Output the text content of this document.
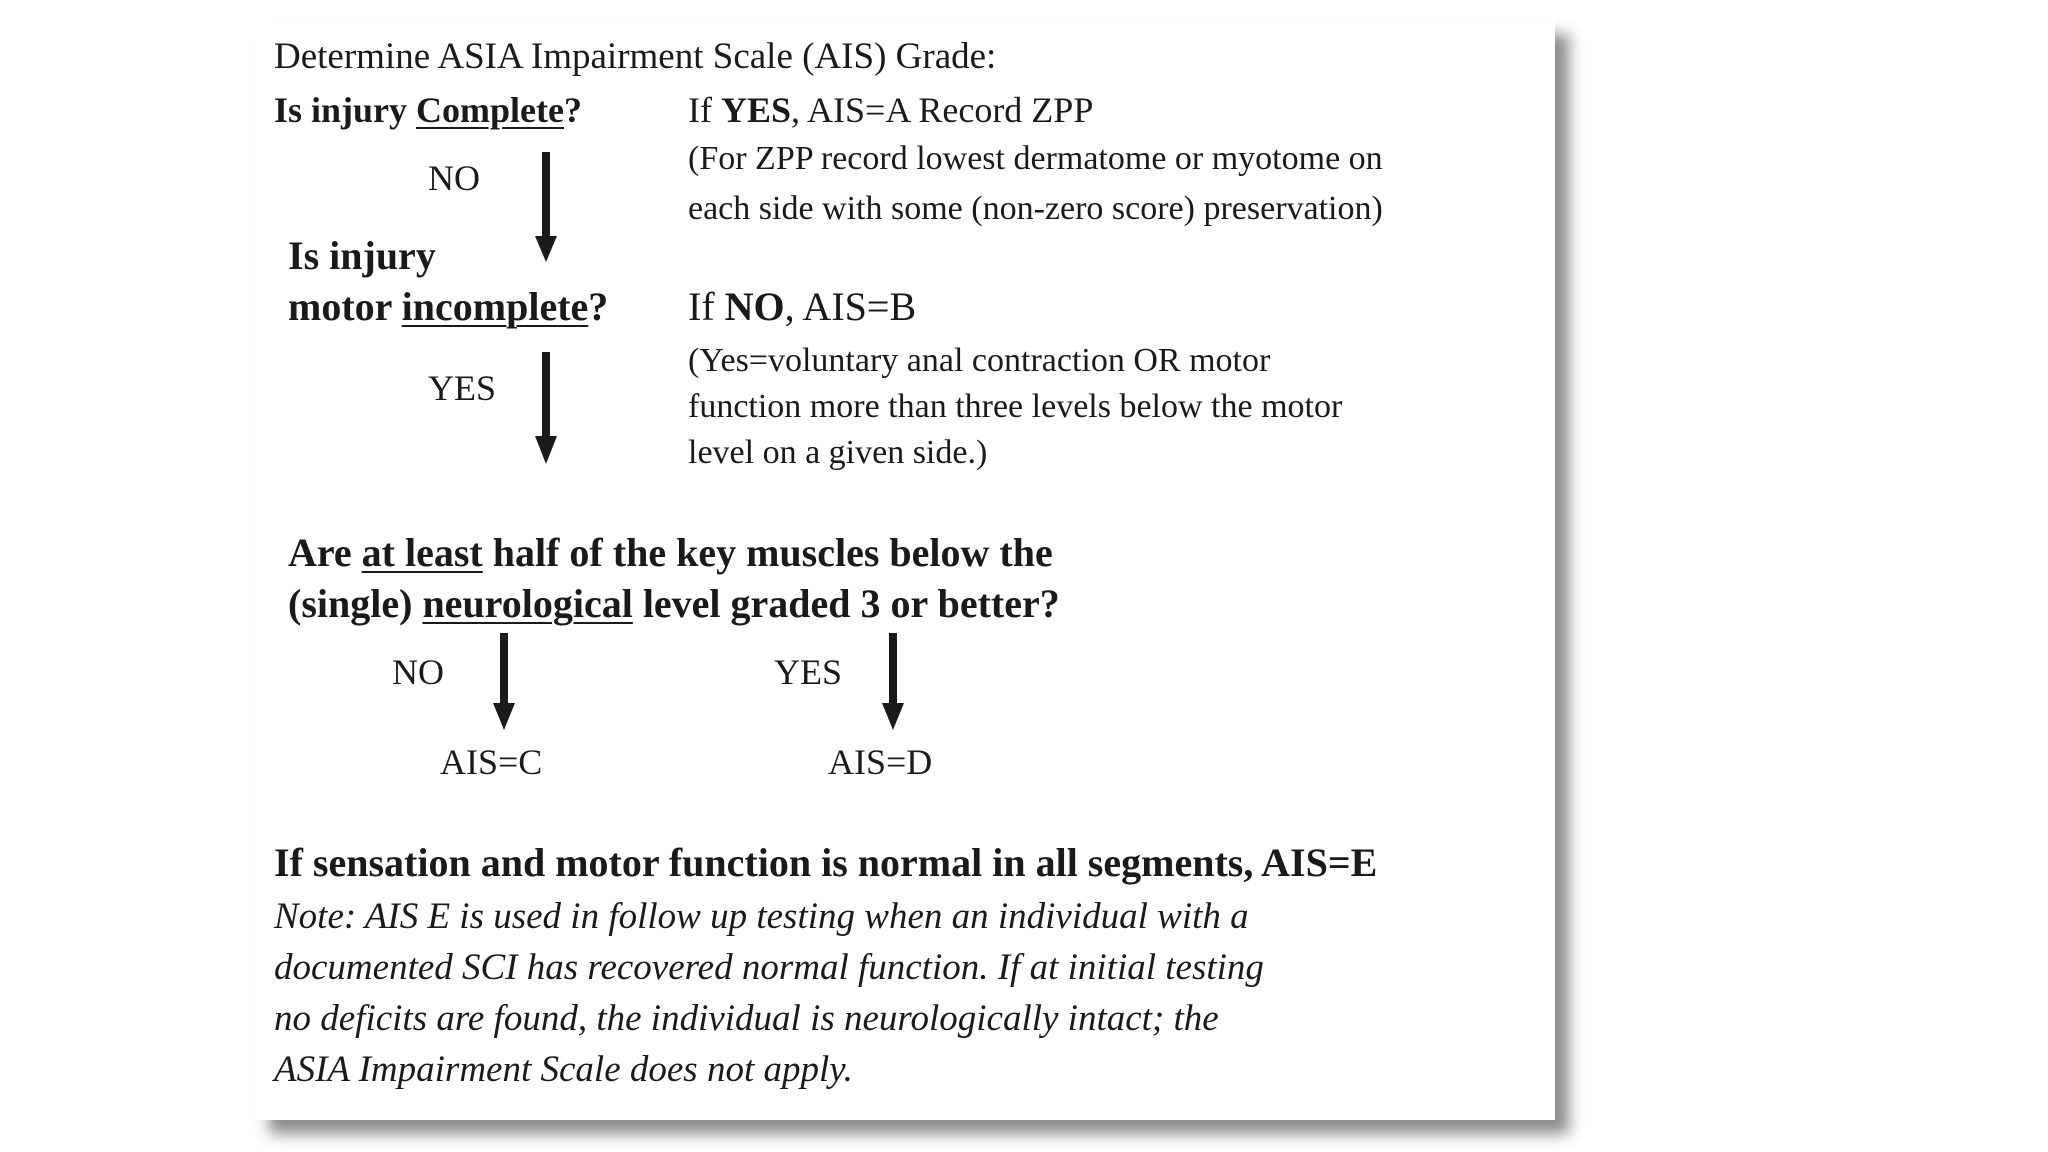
Determine ASIA Impairment Scale (AIS) Grade:
Is injury Complete?	If YES, AIS=A Record ZPP
(For ZPP record lowest dermatome or myotome on
each side with some (non-zero score) preservation)
NO
Is injury
motor incomplete? If NO, AIS=B
(Yes=voluntary anal contraction OR motor
function more than three levels below the motor
level on a given side.)
YES
Are at least half of the key muscles below the
(single) neurological level graded 3 or better?
NO	YES
AIS=C	AIS=D
If sensation and motor function is normal in all segments, AIS=E
Note: AIS E is used in follow up testing when an individual with a
documented SCI has recovered normal function. If at initial testing
no deficits are found, the individual is neurologically intact; the
ASIA Impairment Scale does not apply.
